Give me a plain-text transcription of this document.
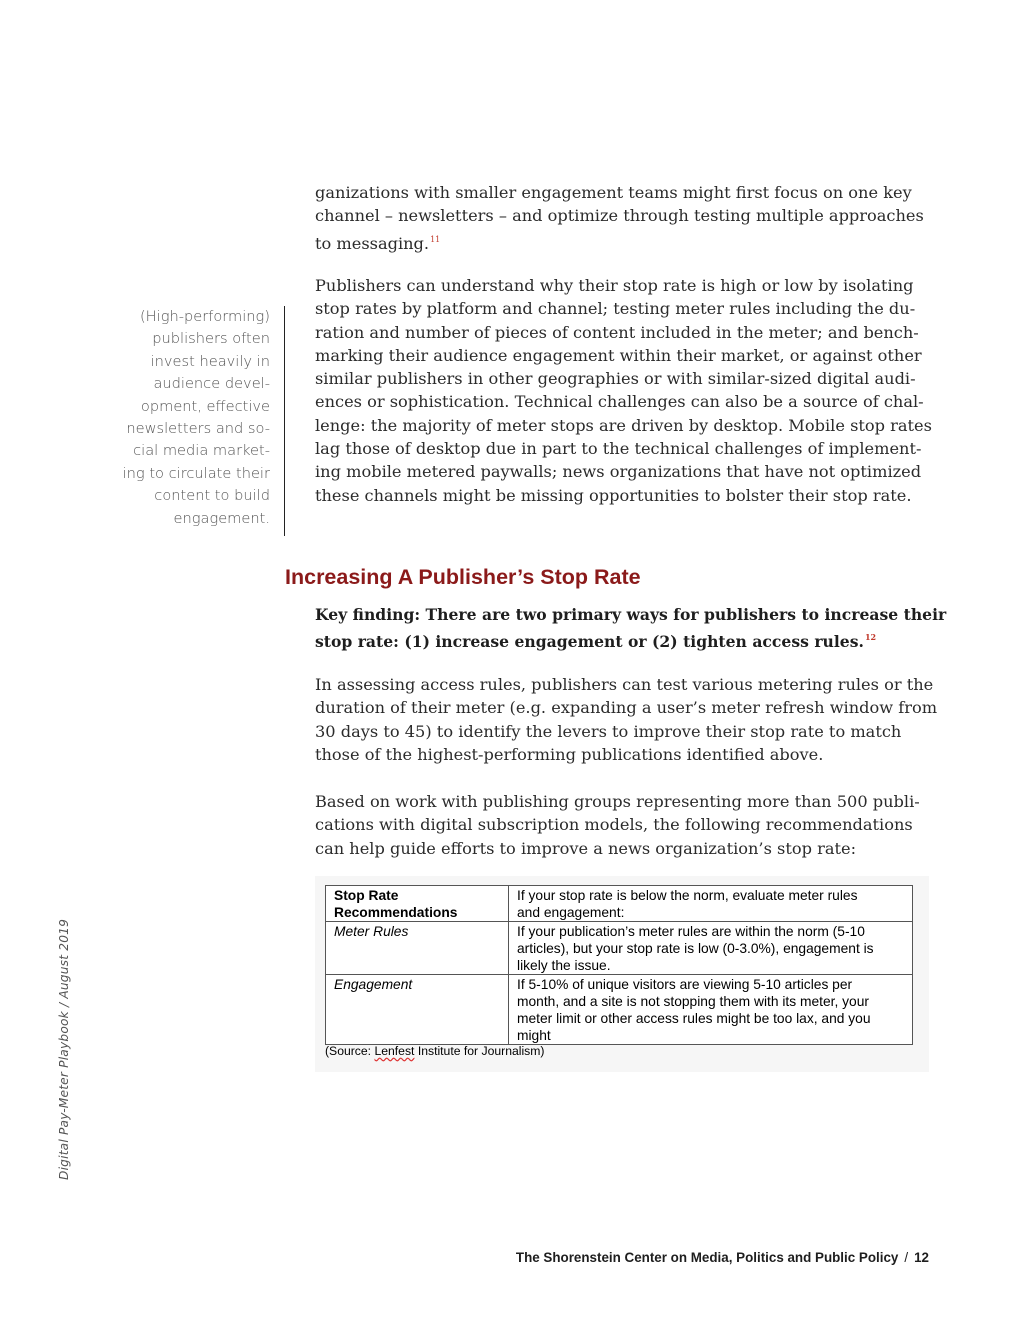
ganizations with smaller engagement teams might first focus on one key
channel – newsletters – and optimize through testing multiple approaches
to messaging.$^{11}$

(High-performing)
publishers often
invest heavily in
audience devel-
opment, effective
newsletters and so-
cial media market-
ing to circulate their
content to build
engagement.

Publishers can understand why their stop rate is high or low by isolating
stop rates by platform and channel; testing meter rules including the du-
ration and number of pieces of content included in the meter; and bench-
marking their audience engagement within their market, or against other
similar publishers in other geographies or with similar-sized digital audi-
ences or sophistication. Technical challenges can also be a source of chal-
lenge: the majority of meter stops are driven by desktop. Mobile stop rates
lag those of desktop due in part to the technical challenges of implement-
ing mobile metered paywalls; news organizations that have not optimized
these channels might be missing opportunities to bolster their stop rate.

Increasing A Publisher’s Stop Rate

Key finding: There are two primary ways for publishers to increase their
stop rate: (1) increase engagement or (2) tighten access rules.$^{12}$

In assessing access rules, publishers can test various metering rules or the
duration of their meter (e.g. expanding a user’s meter refresh window from
30 days to 45) to identify the levers to improve their stop rate to match
those of the highest-performing publications identified above.

Based on work with publishing groups representing more than 500 publi-
cations with digital subscription models, the following recommendations
can help guide efforts to improve a news organization’s stop rate:

Stop Rate
Recommendations	If your stop rate is below the norm, evaluate meter rules
and engagement:

Meter Rules	If your publication’s meter rules are within the norm (5-10
articles), but your stop rate is low (0-3.0%), engagement is
likely the issue.

Engagement	If 5-10% of unique visitors are viewing 5-10 articles per
month, and a site is not stopping them with its meter, your
meter limit or other access rules might be too lax, and you
might
(Source: Lenfest Institute for Journalism)
Digital Pay-Meter Playbook / August 2019
The Shorenstein Center on Media, Politics and Public Policy / 12
